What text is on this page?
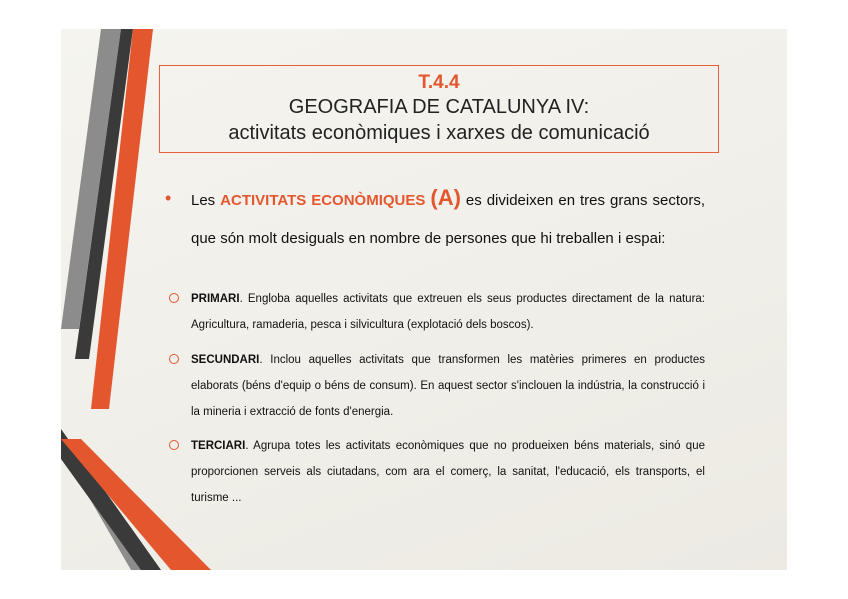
T.4.4
GEOGRAFIA DE CATALUNYA IV:
activitats econòmiques i xarxes de comunicació
• Les ACTIVITATS ECONÒMIQUES (A) es divideixen en tres grans sectors, que són molt desiguals en nombre de persones que hi treballen i espai:
PRIMARI. Engloba aquelles activitats que extreuen els seus productes directament de la natura: Agricultura, ramaderia, pesca i silvicultura (explotació dels boscos).
SECUNDARI. Inclou aquelles activitats que transformen les matèries primeres en productes elaborats (béns d'equip o béns de consum). En aquest sector s'inclouen la indústria, la construcció i la mineria i extracció de fonts d'energia.
TERCIARI. Agrupa totes les activitats econòmiques que no produeixen béns materials, sinó que proporcionen serveis als ciutadans, com ara el comerç, la sanitat, l'educació, els transports, el turisme ...
